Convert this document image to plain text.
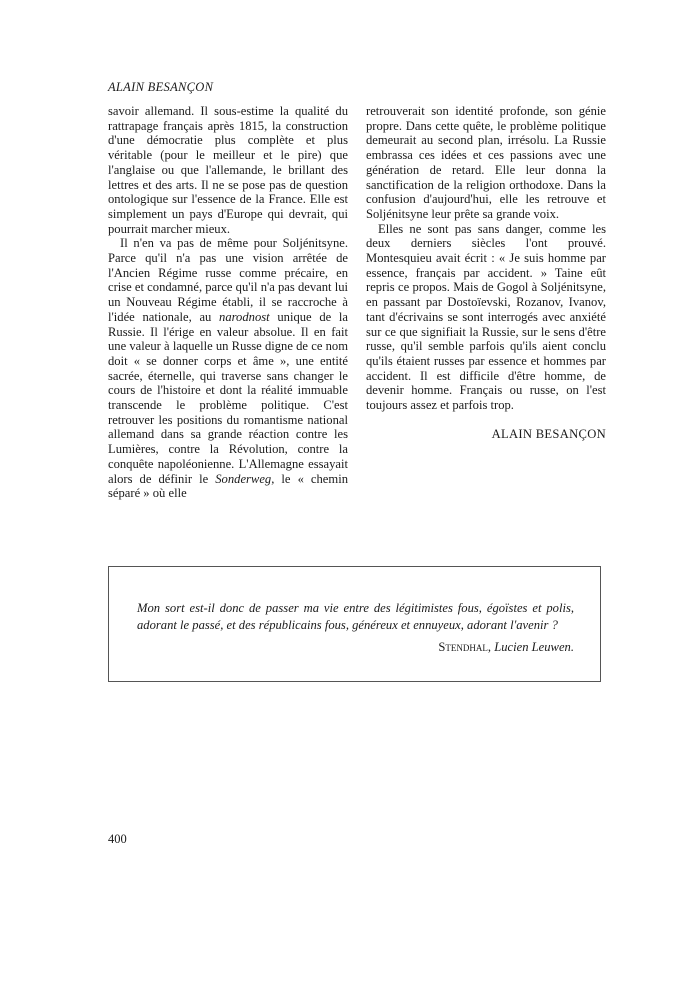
ALAIN BESANÇON

savoir allemand. Il sous-estime la qualité du rattrapage français après 1815, la construction d'une démocratie plus complète et plus véritable (pour le meilleur et le pire) que l'anglaise ou que l'allemande, le brillant des lettres et des arts. Il ne se pose pas de question ontologique sur l'essence de la France. Elle est simplement un pays d'Europe qui devrait, qui pourrait marcher mieux.

Il n'en va pas de même pour Soljénitsyne. Parce qu'il n'a pas une vision arrêtée de l'Ancien Régime russe comme précaire, en crise et condamné, parce qu'il n'a pas devant lui un Nouveau Régime établi, il se raccroche à l'idée nationale, au narodnost unique de la Russie. Il l'érige en valeur absolue. Il en fait une valeur à laquelle un Russe digne de ce nom doit « se donner corps et âme », une entité sacrée, éternelle, qui traverse sans changer le cours de l'histoire et dont la réalité immuable transcende le problème politique. C'est retrouver les positions du romantisme national allemand dans sa grande réaction contre les Lumières, contre la Révolution, contre la conquête napoléonienne. L'Allemagne essayait alors de définir le Sonderweg, le « chemin séparé » où elle

retrouverait son identité profonde, son génie propre. Dans cette quête, le problème politique demeurait au second plan, irrésolu. La Russie embrassa ces idées et ces passions avec une génération de retard. Elle leur donna la sanctification de la religion orthodoxe. Dans la confusion d'aujourd'hui, elle les retrouve et Soljénitsyne leur prête sa grande voix.

Elles ne sont pas sans danger, comme les deux derniers siècles l'ont prouvé. Montesquieu avait écrit : « Je suis homme par essence, français par accident. » Taine eût repris ce propos. Mais de Gogol à Soljénitsyne, en passant par Dostoïevski, Rozanov, Ivanov, tant d'écrivains se sont interrogés avec anxiété sur ce que signifiait la Russie, sur le sens d'être russe, qu'il semble parfois qu'ils aient conclu qu'ils étaient russes par essence et hommes par accident. Il est difficile d'être homme, de devenir homme. Français ou russe, on l'est toujours assez et parfois trop.

ALAIN BESANÇON

Mon sort est-il donc de passer ma vie entre des légitimistes fous, égoïstes et polis, adorant le passé, et des républicains fous, généreux et ennuyeux, adorant l'avenir ?
Stendhal, Lucien Leuwen.
400
